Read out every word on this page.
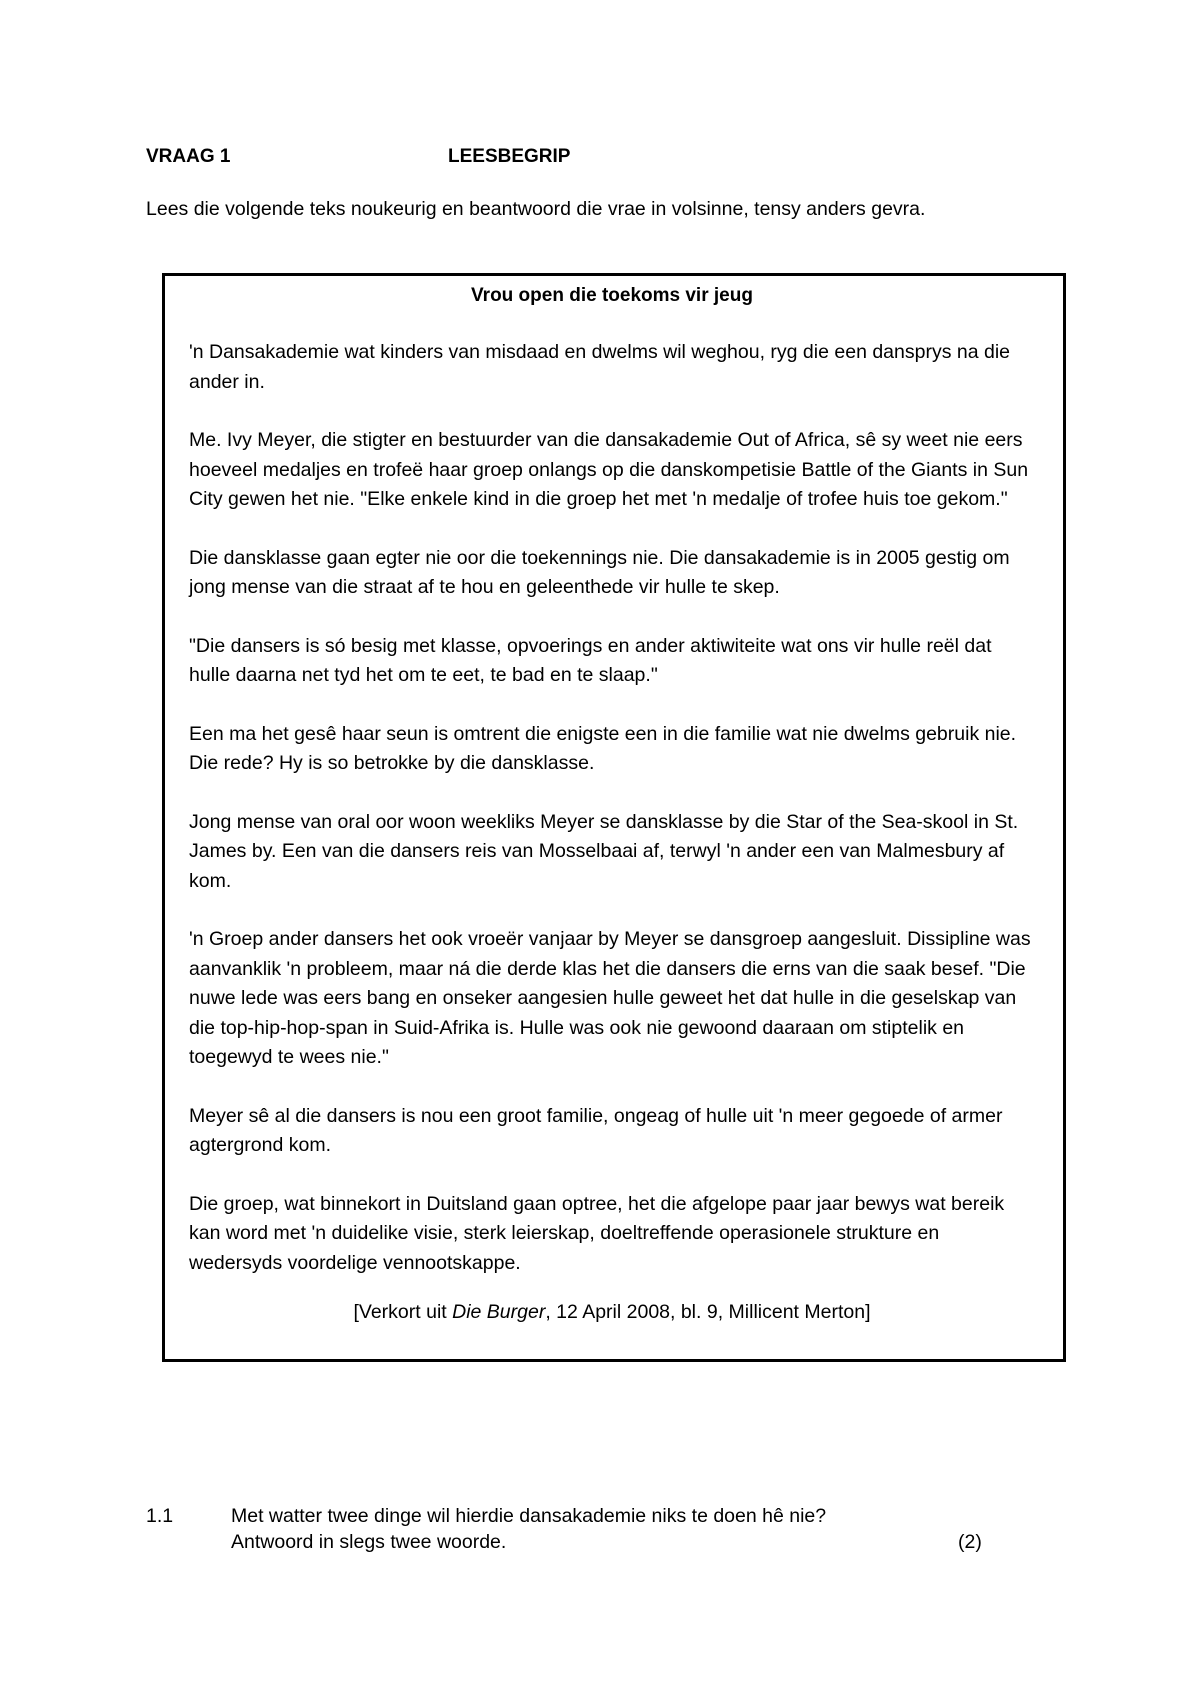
VRAAG 1	LEESBEGRIP
Lees die volgende teks noukeurig en beantwoord die vrae in volsinne, tensy anders gevra.

Vrou open die toekoms vir jeug

'n Dansakademie wat kinders van misdaad en dwelms wil weghou, ryg die een dansprys na die ander in.

Me. Ivy Meyer, die stigter en bestuurder van die dansakademie Out of Africa, sê sy weet nie eers hoeveel medaljes en trofeë haar groep onlangs op die danskompetisie Battle of the Giants in Sun City gewen het nie. "Elke enkele kind in die groep het met 'n medalje of trofee huis toe gekom."

Die dansklasse gaan egter nie oor die toekennings nie. Die dansakademie is in 2005 gestig om jong mense van die straat af te hou en geleenthede vir hulle te skep.

"Die dansers is só besig met klasse, opvoerings en ander aktiwiteite wat ons vir hulle reël dat hulle daarna net tyd het om te eet, te bad en te slaap."

Een ma het gesê haar seun is omtrent die enigste een in die familie wat nie dwelms gebruik nie. Die rede? Hy is so betrokke by die dansklasse.

Jong mense van oral oor woon weekliks Meyer se dansklasse by die Star of the Sea-skool in St. James by. Een van die dansers reis van Mosselbaai af, terwyl 'n ander een van Malmesbury af kom.

'n Groep ander dansers het ook vroeër vanjaar by Meyer se dansgroep aangesluit. Dissipline was aanvanklik 'n probleem, maar ná die derde klas het die dansers die erns van die saak besef. "Die nuwe lede was eers bang en onseker aangesien hulle geweet het dat hulle in die geselskap van die top-hip-hop-span in Suid-Afrika is. Hulle was ook nie gewoond daaraan om stiptelik en toegewyd te wees nie."

Meyer sê al die dansers is nou een groot familie, ongeag of hulle uit 'n meer gegoede of armer agtergrond kom.

Die groep, wat binnekort in Duitsland gaan optree, het die afgelope paar jaar bewys wat bereik kan word met 'n duidelike visie, sterk leierskap, doeltreffende operasionele strukture en wedersyds voordelige vennootskappe.

[Verkort uit Die Burger, 12 April 2008, bl. 9, Millicent Merton]
1.1	Met watter twee dinge wil hierdie dansakademie niks te doen hê nie?
Antwoord in slegs twee woorde.	(2)
